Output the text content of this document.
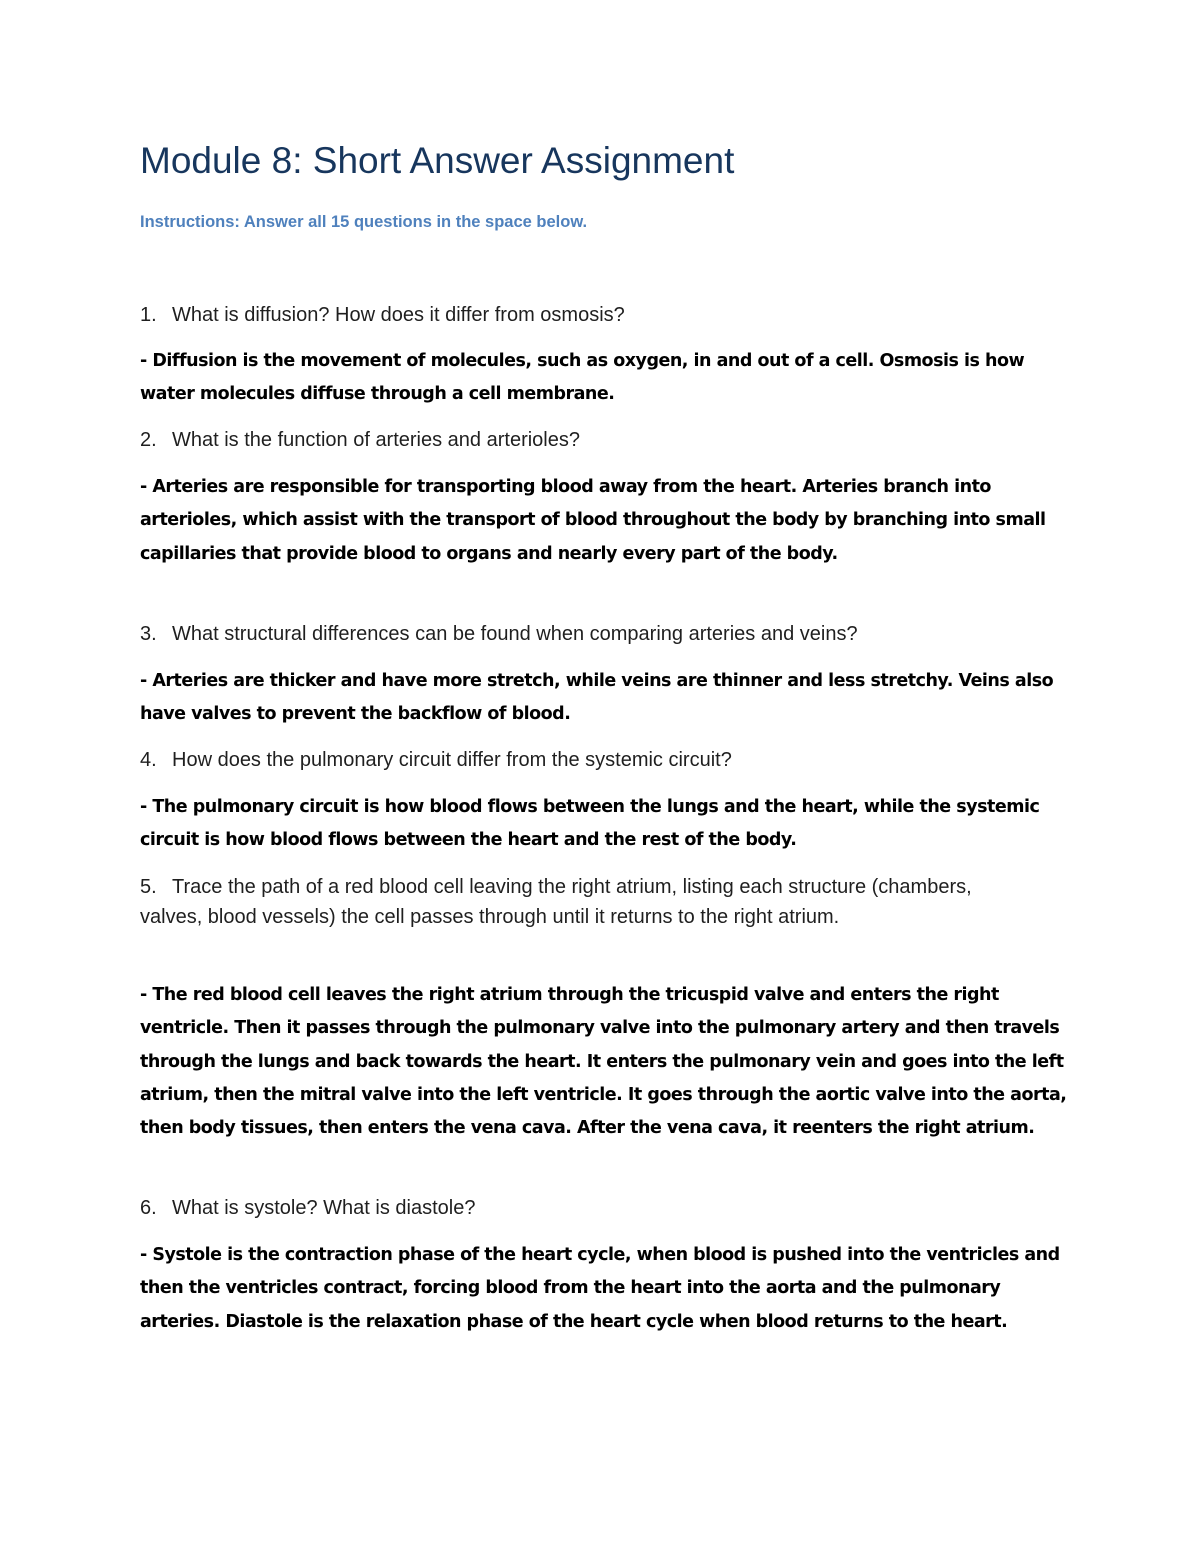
Module 8: Short Answer Assignment

Instructions: Answer all 15 questions in the space below.

1. What is diffusion? How does it differ from osmosis?

- Diffusion is the movement of molecules, such as oxygen, in and out of a cell. Osmosis is how water molecules diffuse through a cell membrane.

2. What is the function of arteries and arterioles?

- Arteries are responsible for transporting blood away from the heart. Arteries branch into arterioles, which assist with the transport of blood throughout the body by branching into small capillaries that provide blood to organs and nearly every part of the body.

3. What structural differences can be found when comparing arteries and veins?

- Arteries are thicker and have more stretch, while veins are thinner and less stretchy. Veins also have valves to prevent the backflow of blood.

4. How does the pulmonary circuit differ from the systemic circuit?

- The pulmonary circuit is how blood flows between the lungs and the heart, while the systemic circuit is how blood flows between the heart and the rest of the body.

5. Trace the path of a red blood cell leaving the right atrium, listing each structure (chambers, valves, blood vessels) the cell passes through until it returns to the right atrium.

- The red blood cell leaves the right atrium through the tricuspid valve and enters the right ventricle. Then it passes through the pulmonary valve into the pulmonary artery and then travels through the lungs and back towards the heart. It enters the pulmonary vein and goes into the left atrium, then the mitral valve into the left ventricle. It goes through the aortic valve into the aorta, then body tissues, then enters the vena cava. After the vena cava, it reenters the right atrium.

6. What is systole? What is diastole?

- Systole is the contraction phase of the heart cycle, when blood is pushed into the ventricles and then the ventricles contract, forcing blood from the heart into the aorta and the pulmonary arteries. Diastole is the relaxation phase of the heart cycle when blood returns to the heart.
